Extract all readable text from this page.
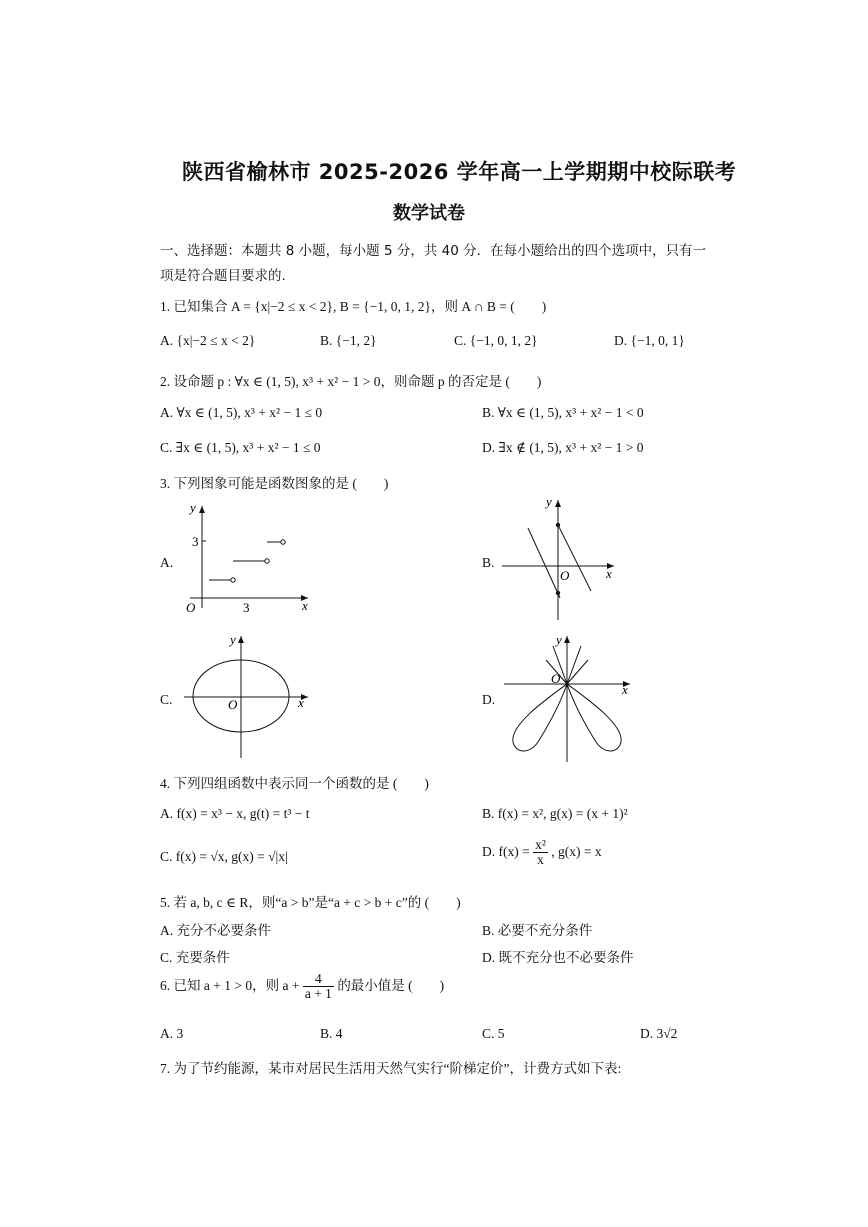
陕西省榆林市 2025-2026 学年高一上学期期中校际联考
数学试卷
一、选择题：本题共 8 小题，每小题 5 分，共 40 分．在每小题给出的四个选项中，只有一
项是符合题目要求的.
1. 已知集合 A = {x|−2 ≤ x < 2}, B = {−1, 0, 1, 2}，则 A ∩ B = (　　)
A. {x|−2 ≤ x < 2}	B. {−1, 2}	C. {−1, 0, 1, 2}	D. {−1, 0, 1}
2. 设命题 p : ∀x ∈ (1, 5), x³ + x² − 1 > 0，则命题 p 的否定是 (　　)
A. ∀x ∈ (1, 5), x³ + x² − 1 ≤ 0	B. ∀x ∈ (1, 5), x³ + x² − 1 < 0
C. ∃x ∈ (1, 5), x³ + x² − 1 ≤ 0	D. ∃x ∉ (1, 5), x³ + x² − 1 > 0
3. 下列图象可能是函数图象的是 (　　)
A.
y
x
O
3
3
B.
y
x
O
C.
y
x
O	D.
y
x
O
4. 下列四组函数中表示同一个函数的是 (　　)
A. f(x) = x³ − x, g(t) = t³ − t	B. f(x) = x², g(x) = (x + 1)²
C. f(x) = √x, g(x) = √|x|	D. $f(x) = \frac{\text{x²}}{x}$ , g(x) = x
5. 若 a, b, c ∈ R，则“a > b”是“a + c > b + c”的 (　　)
A. 充分不必要条件	B. 必要不充分条件
C. 充要条件	D. 既不充分也不必要条件
6. 已知 a + 1 > 0，则 $a + \frac{4}{a + 1}$ 的最小值是 (　　)
A. 3	B. 4	C. 5	D. 3√2
7. 为了节约能源，某市对居民生活用天然气实行“阶梯定价”，计费方式如下表:
